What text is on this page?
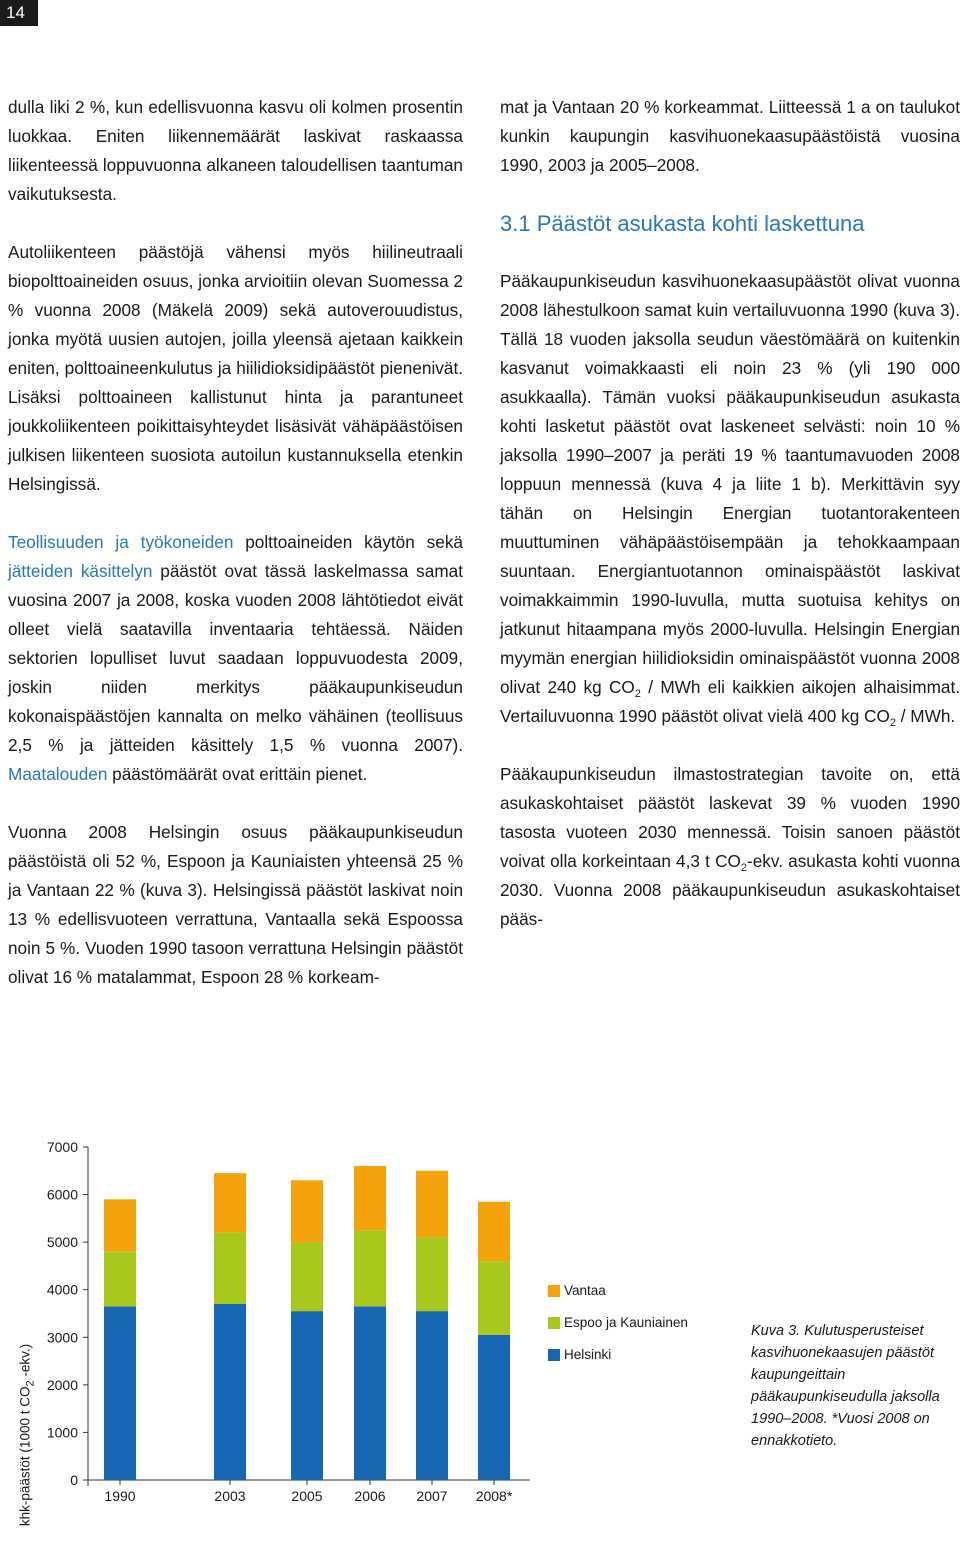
14

dulla liki 2 %, kun edellisvuonna kasvu oli kolmen prosentin luokkaa. Eniten liikennemäärät laskivat raskaassa liikenteessä loppuvuonna alkaneen taloudellisen taantuman vaikutuksesta.

Autoliikenteen päästöjä vähensi myös hiilineutraali biopolttoaineiden osuus, jonka arvioitiin olevan Suomessa 2 % vuonna 2008 (Mäkelä 2009) sekä autoverouudistus, jonka myötä uusien autojen, joilla yleensä ajetaan kaikkein eniten, polttoaineenkulutus ja hiilidioksidipäästöt pienenivät. Lisäksi polttoaineen kallistunut hinta ja parantuneet joukkoliikenteen poikittaisyhteydet lisäsivät vähäpäästöisen julkisen liikenteen suosiota autoilun kustannuksella etenkin Helsingissä.

Teollisuuden ja työkoneiden polttoaineiden käytön sekä jätteiden käsittelyn päästöt ovat tässä laskelmassa samat vuosina 2007 ja 2008, koska vuoden 2008 lähtötiedot eivät olleet vielä saatavilla inventaaria tehtäessä. Näiden sektorien lopulliset luvut saadaan loppuvuodesta 2009, joskin niiden merkitys pääkaupunkiseudun kokonaispäästöjen kannalta on melko vähäinen (teollisuus 2,5 % ja jätteiden käsittely 1,5 % vuonna 2007). Maatalouden päästömäärät ovat erittäin pienet.

Vuonna 2008 Helsingin osuus pääkaupunkiseudun päästöistä oli 52 %, Espoon ja Kauniaisten yhteensä 25 % ja Vantaan 22 % (kuva 3). Helsingissä päästöt laskivat noin 13 % edellisvuoteen verrattuna, Vantaalla sekä Espoossa noin 5 %. Vuoden 1990 tasoon verrattuna Helsingin päästöt olivat 16 % matalammat, Espoon 28 % korkeam-

mat ja Vantaan 20 % korkeammat. Liitteessä 1 a on taulukot kunkin kaupungin kasvihuonekaasupäästöistä vuosina 1990, 2003 ja 2005–2008.

3.1 Päästöt asukasta kohti laskettuna

Pääkaupunkiseudun kasvihuonekaasupäästöt olivat vuonna 2008 lähestulkoon samat kuin vertailuvuonna 1990 (kuva 3). Tällä 18 vuoden jaksolla seudun väestömäärä on kuitenkin kasvanut voimakkaasti eli noin 23 % (yli 190 000 asukkaalla). Tämän vuoksi pääkaupunkiseudun asukasta kohti lasketut päästöt ovat laskeneet selvästi: noin 10 % jaksolla 1990–2007 ja peräti 19 % taantumavuoden 2008 loppuun mennessä (kuva 4 ja liite 1 b). Merkittävin syy tähän on Helsingin Energian tuotantorakenteen muuttuminen vähäpäästöisempään ja tehokkaampaan suuntaan. Energiantuotannon ominaispäästöt laskivat voimakkaimmin 1990-luvulla, mutta suotuisa kehitys on jatkunut hitaampana myös 2000-luvulla. Helsingin Energian myymän energian hiilidioksidin ominaispäästöt vuonna 2008 olivat 240 kg $CO_2$ / MWh eli kaikkien aikojen alhaisimmat. Vertailuvuonna 1990 päästöt olivat vielä 400 kg $CO_2$ / MWh.

Pääkaupunkiseudun ilmastostrategian tavoite on, että asukaskohtaiset päästöt laskevat 39 % vuoden 1990 tasosta vuoteen 2030 mennessä. Toisin sanoen päästöt voivat olla korkeintaan 4,3 t $CO_2$-ekv. asukasta kohti vuonna 2030. Vuonna 2008 pääkaupunkiseudun asukaskohtaiset pääs-

0
1000
2000
3000
4000
5000
6000
7000
1990	2003	2005 2006 2007 2008*
khk-päästöt (1000 t $CO_2$ -ekv.)
Vantaa
Espoo ja Kauniainen
Helsinki
Kuva 3. Kulutusperusteiset kasvihuonekaasujen päästöt kaupungeittain pääkaupunkiseudulla jaksolla 1990–2008. *Vuosi 2008 on ennakkotieto.
